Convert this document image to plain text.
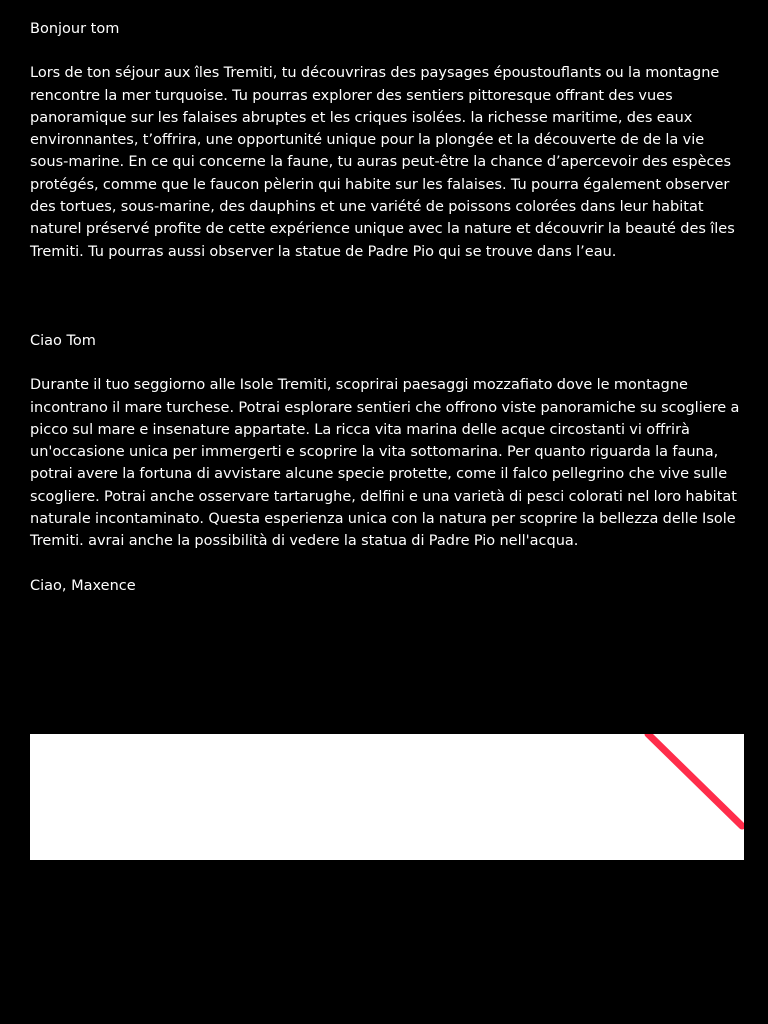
Bonjour tom

Lors de ton séjour aux îles Tremiti, tu découvriras des paysages époustouflants ou la montagne rencontre la mer turquoise. Tu pourras explorer des sentiers pittoresque offrant des vues panoramique sur les falaises abruptes et les criques isolées. la richesse maritime, des eaux environnantes, t’offrira, une opportunité unique pour la plongée et la découverte de de la vie sous-marine. En ce qui concerne la faune, tu auras peut-être la chance d’apercevoir des espèces protégés, comme que le faucon pèlerin qui habite sur les falaises. Tu pourra également observer des tortues, sous-marine, des dauphins et une variété de poissons colorées dans leur habitat naturel préservé profite de cette expérience unique avec la nature et découvrir la beauté des îles Tremiti. Tu pourras aussi observer la statue de Padre Pio qui se trouve dans l’eau.

Ciao Tom

Durante il tuo seggiorno alle Isole Tremiti, scoprirai paesaggi mozzafiato dove le montagne incontrano il mare turchese. Potrai esplorare sentieri che offrono viste panoramiche su scogliere a picco sul mare e insenature appartate. La ricca vita marina delle acque circostanti vi offrirà un'occasione unica per immergerti e scoprire la vita sottomarina. Per quanto riguarda la fauna, potrai avere la fortuna di avvistare alcune specie protette, come il falco pellegrino che vive sulle scogliere. Potrai anche osservare tartarughe, delfini e una varietà di pesci colorati nel loro habitat naturale incontaminato. Questa esperienza unica con la natura per scoprire la bellezza delle Isole Tremiti. avrai anche la possibilità di vedere la statua di Padre Pio nell'acqua.

Ciao, Maxence
